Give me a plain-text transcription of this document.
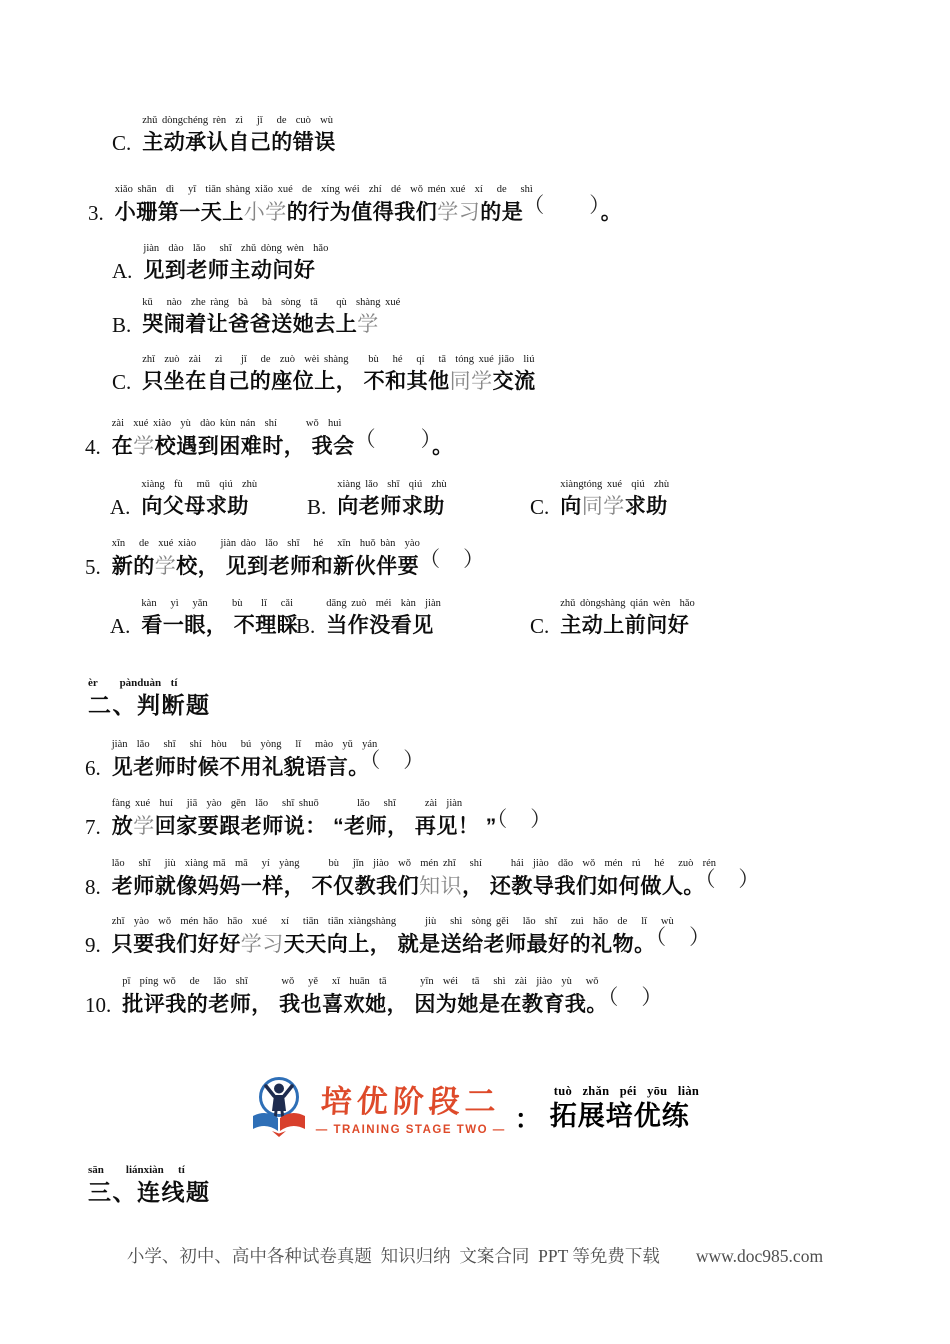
C.
zhǔ dòngchéng rèn  zì   jǐ   de  cuò  wù
主动承认自己的错误
3.
xiǎo shān  dì   yī  tiān shàng xiǎo xué  de  xíng wéi  zhí  dé  wǒ mén xué  xí   de   shì
小珊第一天上小学的行为值得我们学习的是（　　）。
A.
jiàn  dào  lǎo   shī  zhǔ dòng wèn  hǎo
见到老师主动问好
B.
kū   nào  zhe ràng  bà   bà  sòng  tā    qù  shàng xué
哭闹着让爸爸送她去上学
C.
zhǐ  zuò  zài   zì    jǐ   de  zuò  wèi shàng　  bù   hé   qí   tā  tóng xué jiāo  liú
只坐在自己的座位上， 不和其他同学交流
4.
zài  xué xiào  yù  dào kùn nán  shí　    wǒ  huì
在学校遇到困难时， 我会（　　）。
A.
xiàng  fù   mǔ  qiú  zhù
向父母求助	B.
xiàng lǎo  shī  qiú  zhù
向老师求助	C.
xiàngtóng xué  qiú  zhù
向同学求助
5.
xīn   de  xué xiào　   jiàn dào  lǎo  shī   hé   xīn  huǒ bàn  yào
新的学校， 见到老师和新伙伴要（　）
A.
kàn   yì   yǎn　   bù    lǐ   cǎi
看一眼， 不理睬
B.
dāng zuò  méi  kàn  jiàn
当作没看见	C.
zhǔ dòngshàng qián wèn  hǎo
主动上前问好
èr　　pànduàn  tí
二、判断题
6.
jiàn  lǎo   shī   shí  hòu   bú  yòng   lǐ   mào  yǔ  yán
见老师时候不用礼貌语言。（　）
7.
fàng xué  huí   jiā  yào  gēn  lǎo   shī shuō　      lǎo   shī　    zài  jiàn
放学回家要跟老师说： “老师， 再见！ ”（　）
8.
lǎo   shī   jiù  xiàng mā  mā   yí  yàng　    bù   jǐn  jiào  wǒ  mén zhī   shí　    hái  jiào  dǎo  wǒ  mén  rú   hé   zuò  rén
老师就像妈妈一样， 不仅教我们知识， 还教导我们如何做人。（　）
9.
zhǐ  yào  wǒ  mén hǎo  hāo  xué   xí   tiān  tiān xiàngshàng　    jiù   shì  sòng gěi   lǎo  shī   zuì  hǎo  de   lǐ   wù
只要我们好好学习天天向上， 就是送给老师最好的礼物。（　）
10.
pī  píng wǒ   de   lǎo  shī　     wǒ   yě   xǐ  huān  tā　     yīn  wéi   tā   shì  zài  jiào  yù   wǒ
批评我的老师， 我也喜欢她， 因为她是在教育我。（　）
sān　　liánxiàn   tí
三、连线题
培优阶段二
— TRAINING STAGE TWO — ：
tuò zhǎn péi yōu liàn
拓展培优练
小学、初中、高中各种试卷真题  知识归纳  文案合同  PPT 等免费下载 www.doc985.com
